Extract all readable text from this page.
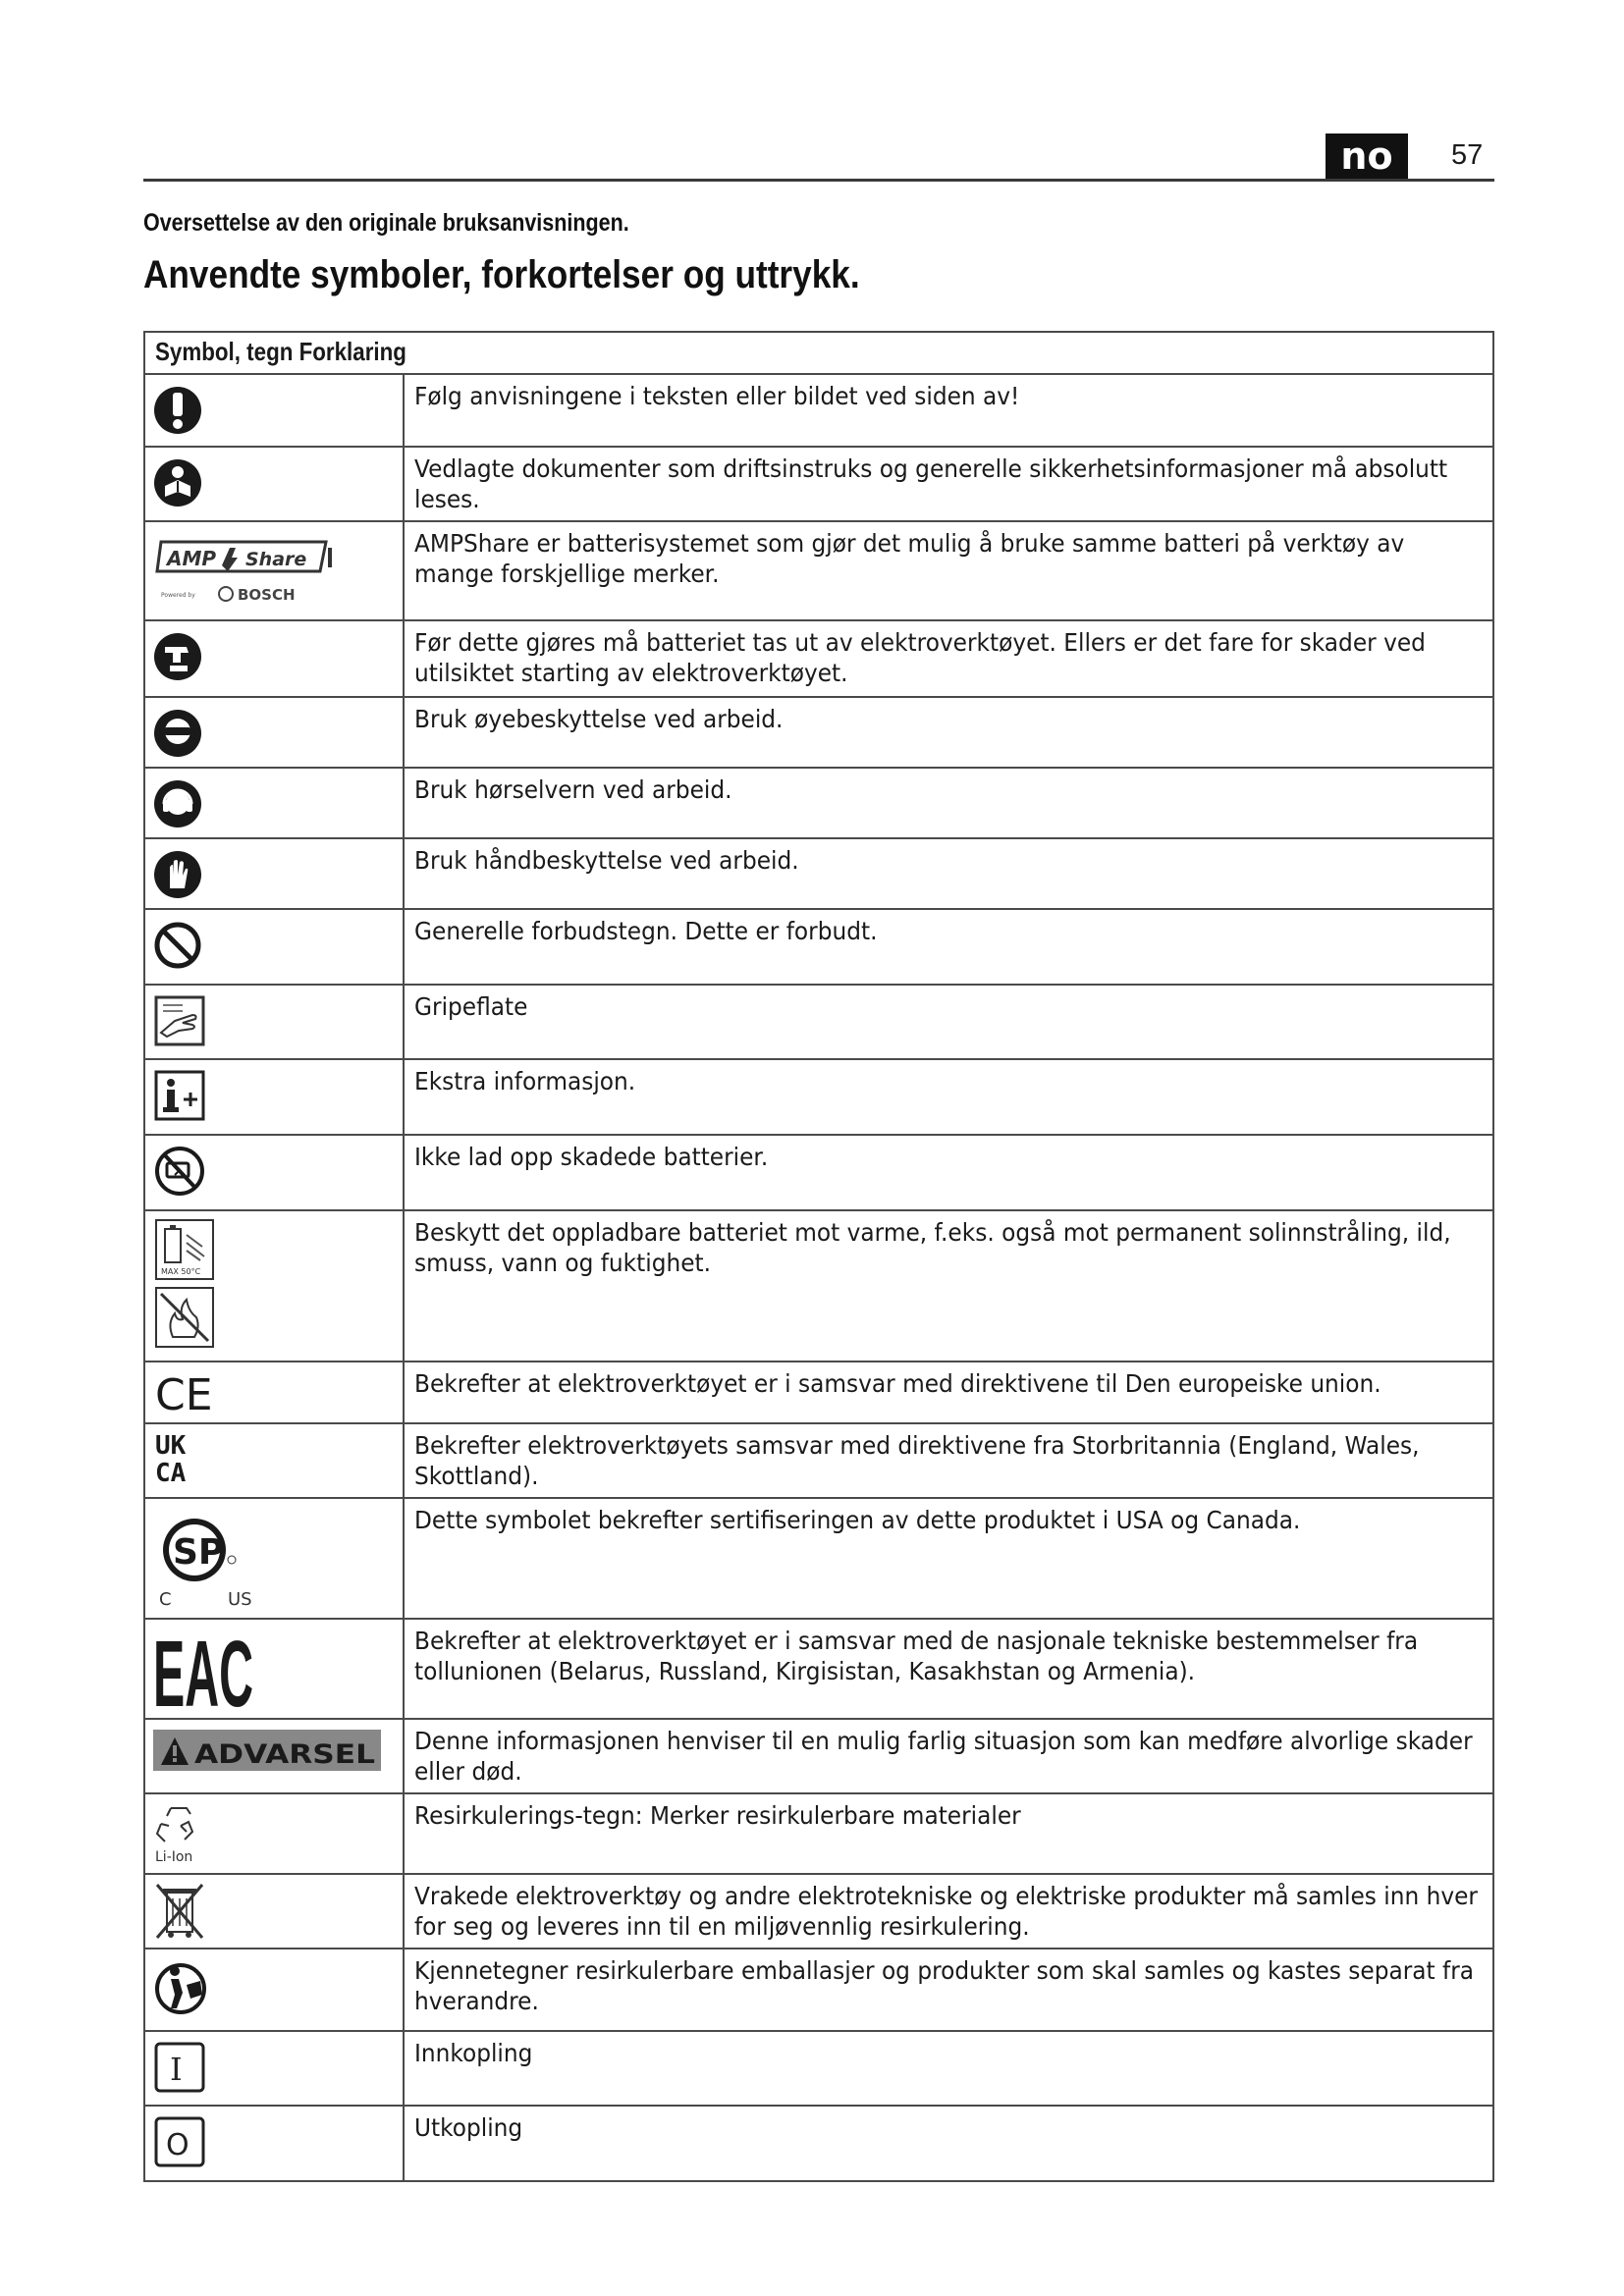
no	57
Oversettelse av den originale bruksanvisningen.
Anvendte symboler, forkortelser og uttrykk.
Symbol, tegn Forklaring	

Følg anvisningene i teksten eller bildet ved siden av!

Vedlagte dokumenter som driftsinstruks og generelle sikkerhetsinformasjoner må absolutt leses.

AMP Share
Powered by BOSCH	AMPShare er batterisystemet som gjør det mulig å bruke samme batteri på verktøy av mange forskjellige merker.

Før dette gjøres må batteriet tas ut av elektroverktøyet. Ellers er det fare for skader ved utilsiktet starting av elektroverktøyet.

Bruk øyebeskyttelse ved arbeid.

Bruk hørselvern ved arbeid.

Bruk håndbeskyttelse ved arbeid.

Generelle forbudstegn. Dette er forbudt.

Gripeflate

Ekstra informasjon.

Ikke lad opp skadede batterier.

MAX 50°C	Beskytt det oppladbare batteriet mot varme, f.eks. også mot permanent solinnstråling, ild, smuss, vann og fuktighet.

CE	Bekrefter at elektroverktøyet er i samsvar med direktivene til Den europeiske union.

UK
CA	Bekrefter elektroverktøyets samsvar med direktivene fra Storbritannia (England, Wales, Skottland).

SP
C US	Dette symbolet bekrefter sertifiseringen av dette produktet i USA og Canada.

EAC	Bekrefter at elektroverktøyet er i samsvar med de nasjonale tekniske bestemmelser fra tollunionen (Belarus, Russland, Kirgisistan, Kasakhstan og Armenia).

ADVARSEL	Denne informasjonen henviser til en mulig farlig situasjon som kan medføre alvorlige skader eller død.

Li-Ion	Resirkulerings-tegn: Merker resirkulerbare materialer

Vrakede elektroverktøy og andre elektrotekniske og elektriske produkter må samles inn hver for seg og leveres inn til en miljøvennlig resirkulering.

Kjennetegner resirkulerbare emballasjer og produkter som skal samles og kastes separat fra hverandre.

I	Innkopling

O	Utkopling
